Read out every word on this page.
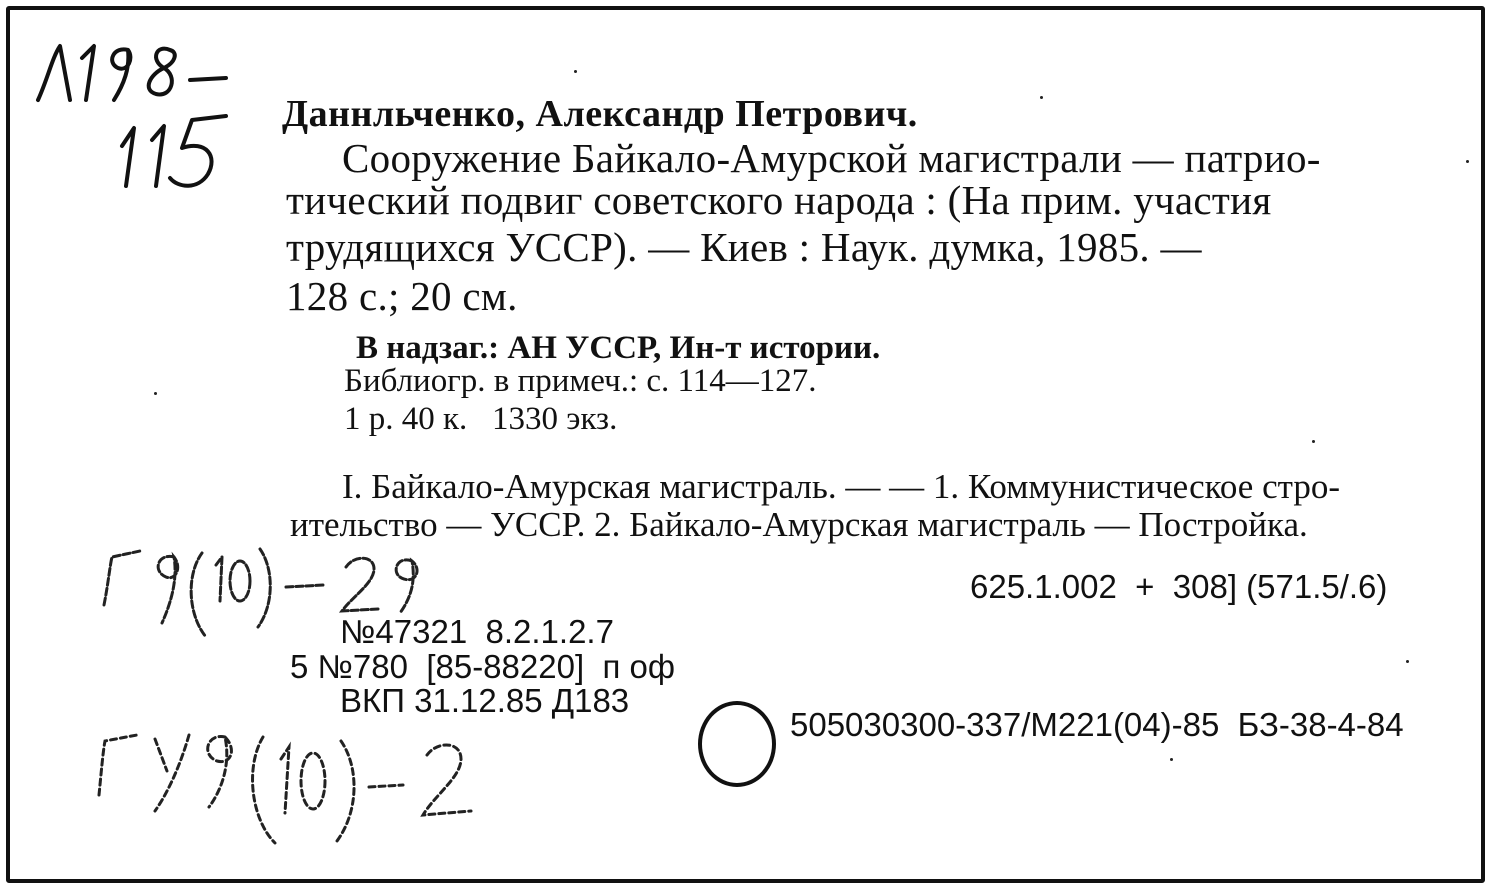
Даннльченко, Александр Петрович.
Сооружение Байкало-Амурской магистрали — патрио-
тический подвиг советского народа : (На прим. участия
трудящихся УССР). — Киев : Наук. думка, 1985. —
128 с.; 20 см.
В надзаг.: АН УССР, Ин-т истории.
Библиогр. в примеч.: с. 114—127.
1 р. 40 к.   1330 экз.
I. Байкало-Амурская магистраль. — — 1. Коммунистическое стро-
ительство — УССР. 2. Байкало-Амурская магистраль — Постройка.
625.1.002  +  308] (571.5/.6)
№47321  8.2.1.2.7
5 №780  [85-88220]  п оф
ВКП 31.12.85 Д183
505030300-337/М221(04)-85  БЗ-38-4-84
